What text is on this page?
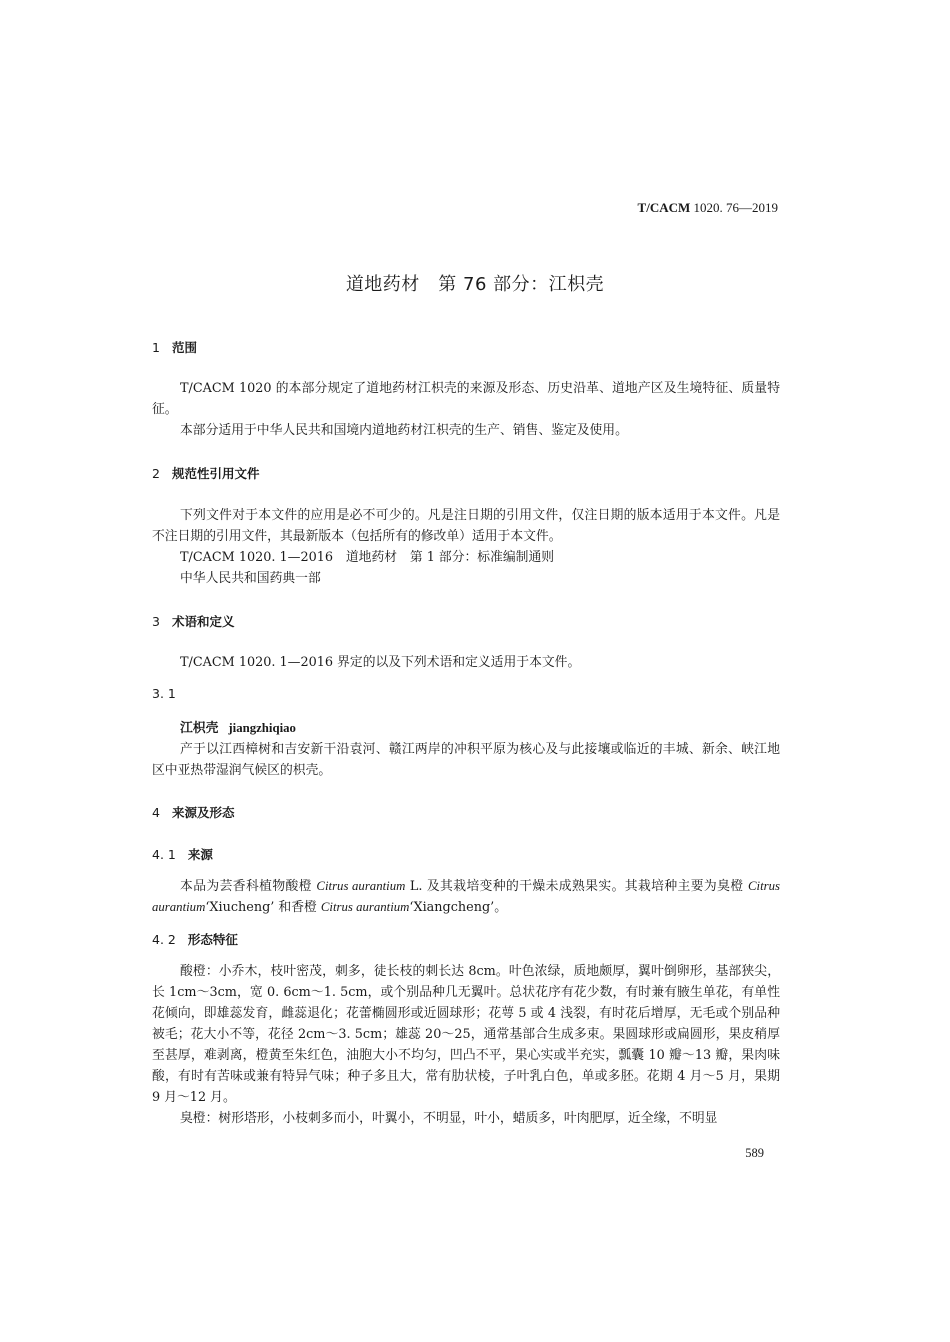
T/CACM 1020. 76—2019
道地药材　第 76 部分：江枳壳
1 范围
T/CACM 1020 的本部分规定了道地药材江枳壳的来源及形态、历史沿革、道地产区及生境特征、质量特征。
本部分适用于中华人民共和国境内道地药材江枳壳的生产、销售、鉴定及使用。
2 规范性引用文件
下列文件对于本文件的应用是必不可少的。凡是注日期的引用文件，仅注日期的版本适用于本文件。凡是不注日期的引用文件，其最新版本（包括所有的修改单）适用于本文件。
T/CACM 1020. 1—2016　道地药材　第 1 部分：标准编制通则
中华人民共和国药典一部
3 术语和定义
T/CACM 1020. 1—2016 界定的以及下列术语和定义适用于本文件。
3. 1
江枳壳 jiangzhiqiao
产于以江西樟树和吉安新干沿袁河、赣江两岸的冲积平原为核心及与此接壤或临近的丰城、新余、峡江地区中亚热带湿润气候区的枳壳。
4 来源及形态
4. 1 来源
本品为芸香科植物酸橙 Citrus aurantium L. 及其栽培变种的干燥未成熟果实。其栽培种主要为臭橙 Citrus aurantium‘Xiucheng’ 和香橙 Citrus aurantium‘Xiangcheng’。
4. 2 形态特征
酸橙：小乔木，枝叶密茂，刺多，徒长枝的刺长达 8cm。叶色浓绿，质地颇厚，翼叶倒卵形，基部狭尖，长 1cm～3cm，宽 0. 6cm～1. 5cm，或个别品种几无翼叶。总状花序有花少数，有时兼有腋生单花，有单性花倾向，即雄蕊发育，雌蕊退化；花蕾椭圆形或近圆球形；花萼 5 或 4 浅裂，有时花后增厚，无毛或个别品种被毛；花大小不等，花径 2cm～3. 5cm；雄蕊 20～25，通常基部合生成多束。果圆球形或扁圆形，果皮稍厚至甚厚，难剥离，橙黄至朱红色，油胞大小不均匀，凹凸不平，果心实或半充实，瓢囊 10 瓣～13 瓣，果肉味酸，有时有苦味或兼有特异气味；种子多且大，常有肋状棱，子叶乳白色，单或多胚。花期 4 月～5 月，果期 9 月～12 月。
臭橙：树形塔形，小枝刺多而小，叶翼小，不明显，叶小，蜡质多，叶肉肥厚，近全缘，不明显
589
